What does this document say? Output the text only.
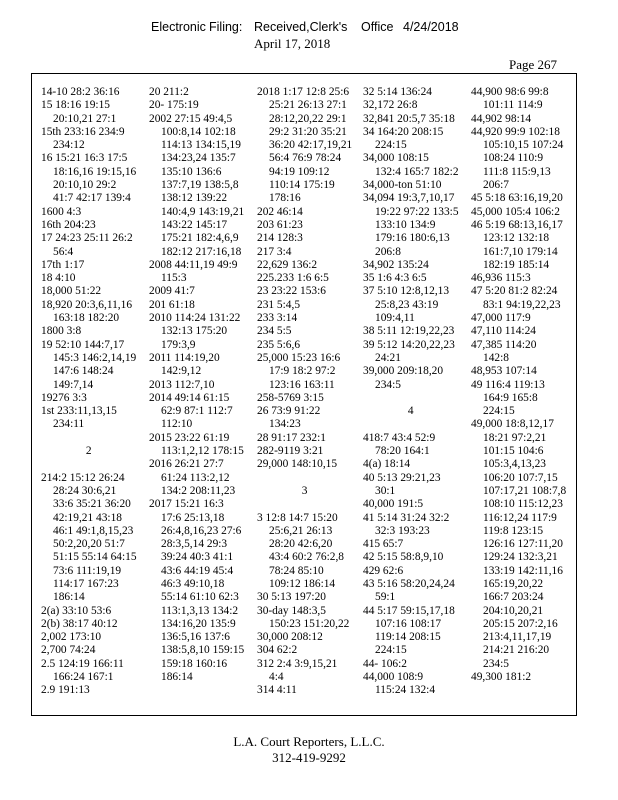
Electronic Filing: Received,Clerk's Office 4/24/2018
April 17, 2018
Page 267
14-10 28:2 36:16
15 18:16 19:15
20:10,21 27:1
15th 233:16 234:9
234:12
16 15:21 16:3 17:5
18:16,16 19:15,16
20:10,10 29:2
41:7 42:17 139:4
1600 4:3
16th 204:23
17 24:23 25:11 26:2
56:4
17th 1:17
18 4:10
18,000 51:22
18,920 20:3,6,11,16
163:18 182:20
1800 3:8
19 52:10 144:7,17
145:3 146:2,14,19
147:6 148:24
149:7,14
19276 3:3
1st 233:11,13,15
234:11
2
214:2 15:12 26:24
28:24 30:6,21
33:6 35:21 36:20
42:19,21 43:18
46:1 49:1,8,15,23
50:2,20,20 51:7
51:15 55:14 64:15
73:6 111:19,19
114:17 167:23
186:14
2(a) 33:10 53:6
2(b) 38:17 40:12
2,002 173:10
2,700 74:24
2.5 124:19 166:11
166:24 167:1
2.9 191:13
20 211:2
20- 175:19
2002 27:15 49:4,5
100:8,14 102:18
114:13 134:15,19
134:23,24 135:7
135:10 136:6
137:7,19 138:5,8
138:12 139:22
140:4,9 143:19,21
143:22 145:17
175:21 182:4,6,9
182:12 217:16,18
2008 44:11,19 49:9
115:3
2009 41:7
201 61:18
2010 114:24 131:22
132:13 175:20
179:3,9
2011 114:19,20
142:9,12
2013 112:7,10
2014 49:14 61:15
62:9 87:1 112:7
112:10
2015 23:22 61:19
113:1,2,12 178:15
2016 26:21 27:7
61:24 113:2,12
134:2 208:11,23
2017 15:21 16:3
17:6 25:13,18
26:4,8,16,23 27:6
28:3,5,14 29:3
39:24 40:3 41:1
43:6 44:19 45:4
46:3 49:10,18
55:14 61:10 62:3
113:1,3,13 134:2
134:16,20 135:9
136:5,16 137:6
138:5,8,10 159:15
159:18 160:16
186:14
2018 1:17 12:8 25:6
25:21 26:13 27:1
28:12,20,22 29:1
29:2 31:20 35:21
36:20 42:17,19,21
56:4 76:9 78:24
94:19 109:12
110:14 175:19
178:16
202 46:14
203 61:23
214 128:3
217 3:4
22,629 136:2
225.233 1:6 6:5
23 23:22 153:6
231 5:4,5
233 3:14
234 5:5
235 5:6,6
25,000 15:23 16:6
17:9 18:2 97:2
123:16 163:11
258-5769 3:15
26 73:9 91:22
134:23
28 91:17 232:1
282-9119 3:21
29,000 148:10,15
3
3 12:8 14:7 15:20
25:6,21 26:13
28:20 42:6,20
43:4 60:2 76:2,8
78:24 85:10
109:12 186:14
30 5:13 197:20
30-day 148:3,5
150:23 151:20,22
30,000 208:12
304 62:2
312 2:4 3:9,15,21
4:4
314 4:11
32 5:14 136:24
32,172 26:8
32,841 20:5,7 35:18
34 164:20 208:15
224:15
34,000 108:15
132:4 165:7 182:2
34,000-ton 51:10
34,094 19:3,7,10,17
19:22 97:22 133:5
133:10 134:9
179:16 180:6,13
206:8
34,902 135:24
35 1:6 4:3 6:5
37 5:10 12:8,12,13
25:8,23 43:19
109:4,11
38 5:11 12:19,22,23
39 5:12 14:20,22,23
24:21
39,000 209:18,20
234:5
4
418:7 43:4 52:9
78:20 164:1
4(a) 18:14
40 5:13 29:21,23
30:1
40,000 191:5
41 5:14 31:24 32:2
32:3 193:23
415 65:7
42 5:15 58:8,9,10
429 62:6
43 5:16 58:20,24,24
59:1
44 5:17 59:15,17,18
107:16 108:17
119:14 208:15
224:15
44- 106:2
44,000 108:9
115:24 132:4
44,900 98:6 99:8
101:11 114:9
44,902 98:14
44,920 99:9 102:18
105:10,15 107:24
108:24 110:9
111:8 115:9,13
206:7
45 5:18 63:16,19,20
45,000 105:4 106:2
46 5:19 68:13,16,17
123:12 132:18
161:7,10 179:14
182:19 185:14
46,936 115:3
47 5:20 81:2 82:24
83:1 94:19,22,23
47,000 117:9
47,110 114:24
47,385 114:20
142:8
48,953 107:14
49 116:4 119:13
164:9 165:8
224:15
49,000 18:8,12,17
18:21 97:2,21
101:15 104:6
105:3,4,13,23
106:20 107:7,15
107:17,21 108:7,8
108:10 115:12,23
116:12,24 117:9
119:8 123:15
126:16 127:11,20
129:24 132:3,21
133:19 142:11,16
165:19,20,22
166:7 203:24
204:10,20,21
205:15 207:2,16
213:4,11,17,19
214:21 216:20
234:5
49,300 181:2
L.A. Court Reporters, L.L.C.
312-419-9292
